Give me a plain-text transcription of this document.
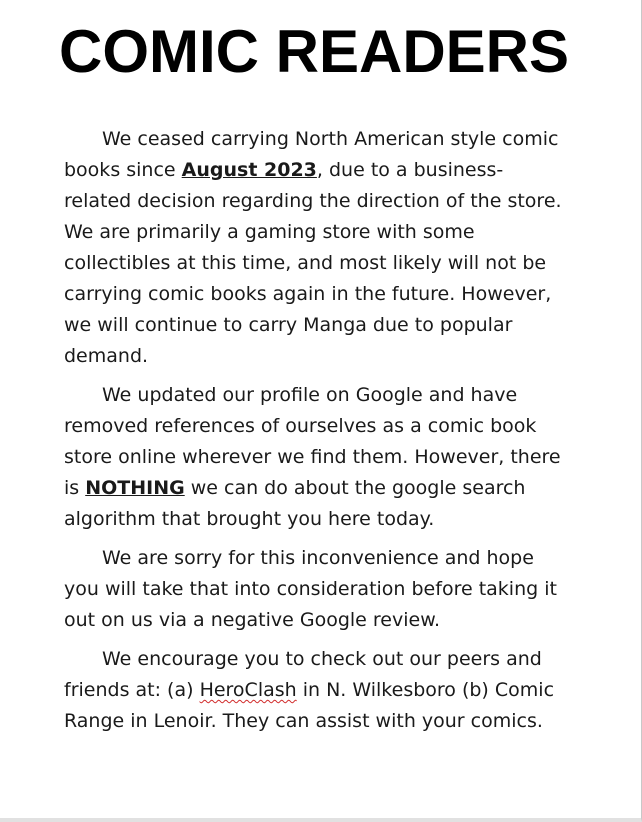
COMIC READERS

We ceased carrying North American style comic books since August 2023, due to a business-related decision regarding the direction of the store. We are primarily a gaming store with some collectibles at this time, and most likely will not be carrying comic books again in the future. However, we will continue to carry Manga due to popular demand.

We updated our profile on Google and have removed references of ourselves as a comic book store online wherever we find them. However, there is NOTHING we can do about the google search algorithm that brought you here today.

We are sorry for this inconvenience and hope you will take that into consideration before taking it out on us via a negative Google review.

We encourage you to check out our peers and friends at: (a) HeroClash in N. Wilkesboro (b) Comic Range in Lenoir. They can assist with your comics.
